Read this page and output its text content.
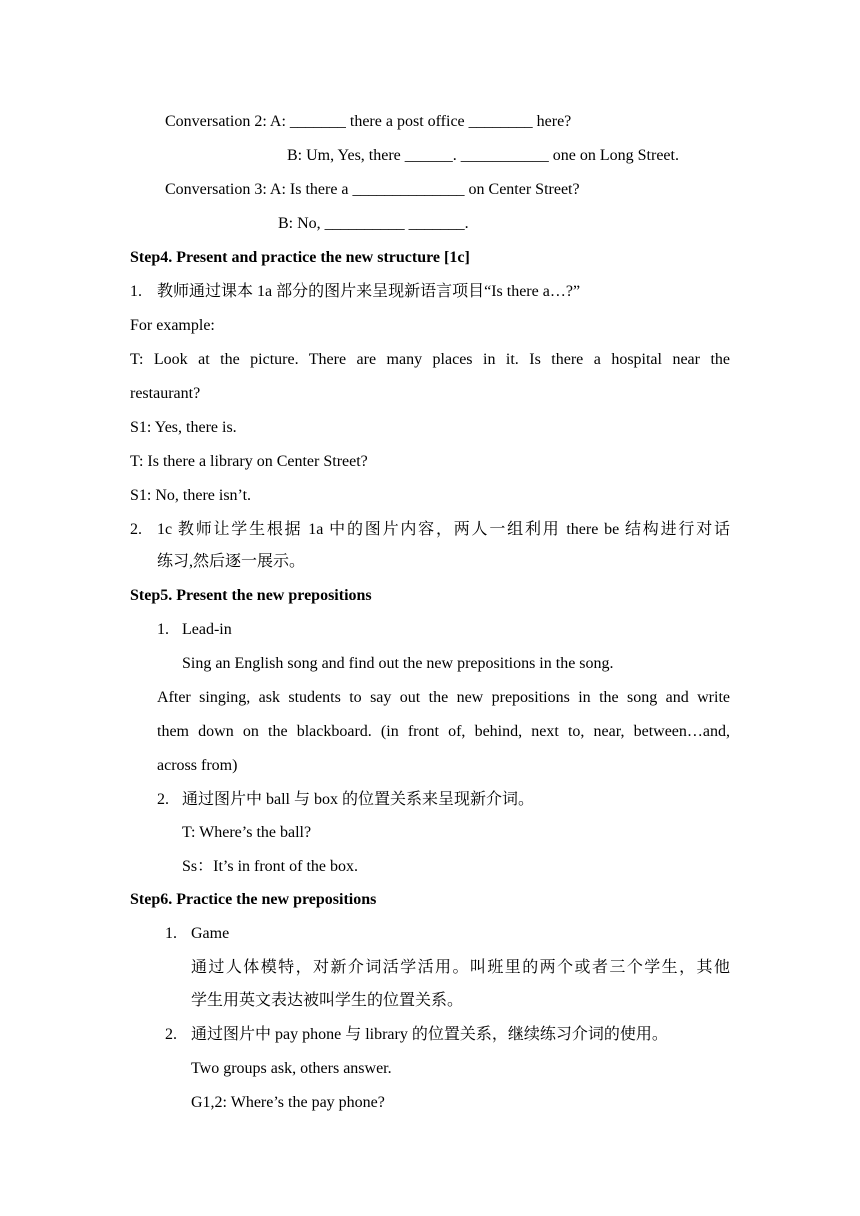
Conversation 2: A: _______ there a post office ________ here?
B: Um, Yes, there ______. ___________ one on Long Street.
Conversation 3: A: Is there a ______________ on Center Street?
B: No, __________ _______.
Step4. Present and practice the new structure [1c]
1. 教师通过课本 1a 部分的图片来呈现新语言项目“Is there a…?”
For example:
T: Look at the picture. There are many places in it. Is there a hospital near the
restaurant?
S1: Yes, there is.
T: Is there a library on Center Street?
S1: No, there isn’t.
2. 1c 教师让学生根据 1a 中的图片内容，两人一组利用 there be 结构进行对话
练习,然后逐一展示。
Step5. Present the new prepositions
1. Lead-in
Sing an English song and find out the new prepositions in the song.
After singing, ask students to say out the new prepositions in the song and write
them down on the blackboard. (in front of, behind, next to, near, between…and,
across from)
2. 通过图片中 ball 与 box 的位置关系来呈现新介词。
T: Where’s the ball?
Ss：It’s in front of the box.
Step6. Practice the new prepositions
1. Game
通过人体模特，对新介词活学活用。叫班里的两个或者三个学生，其他
学生用英文表达被叫学生的位置关系。
2. 通过图片中 pay phone 与 library 的位置关系，继续练习介词的使用。
Two groups ask, others answer.
G1,2: Where’s the pay phone?
